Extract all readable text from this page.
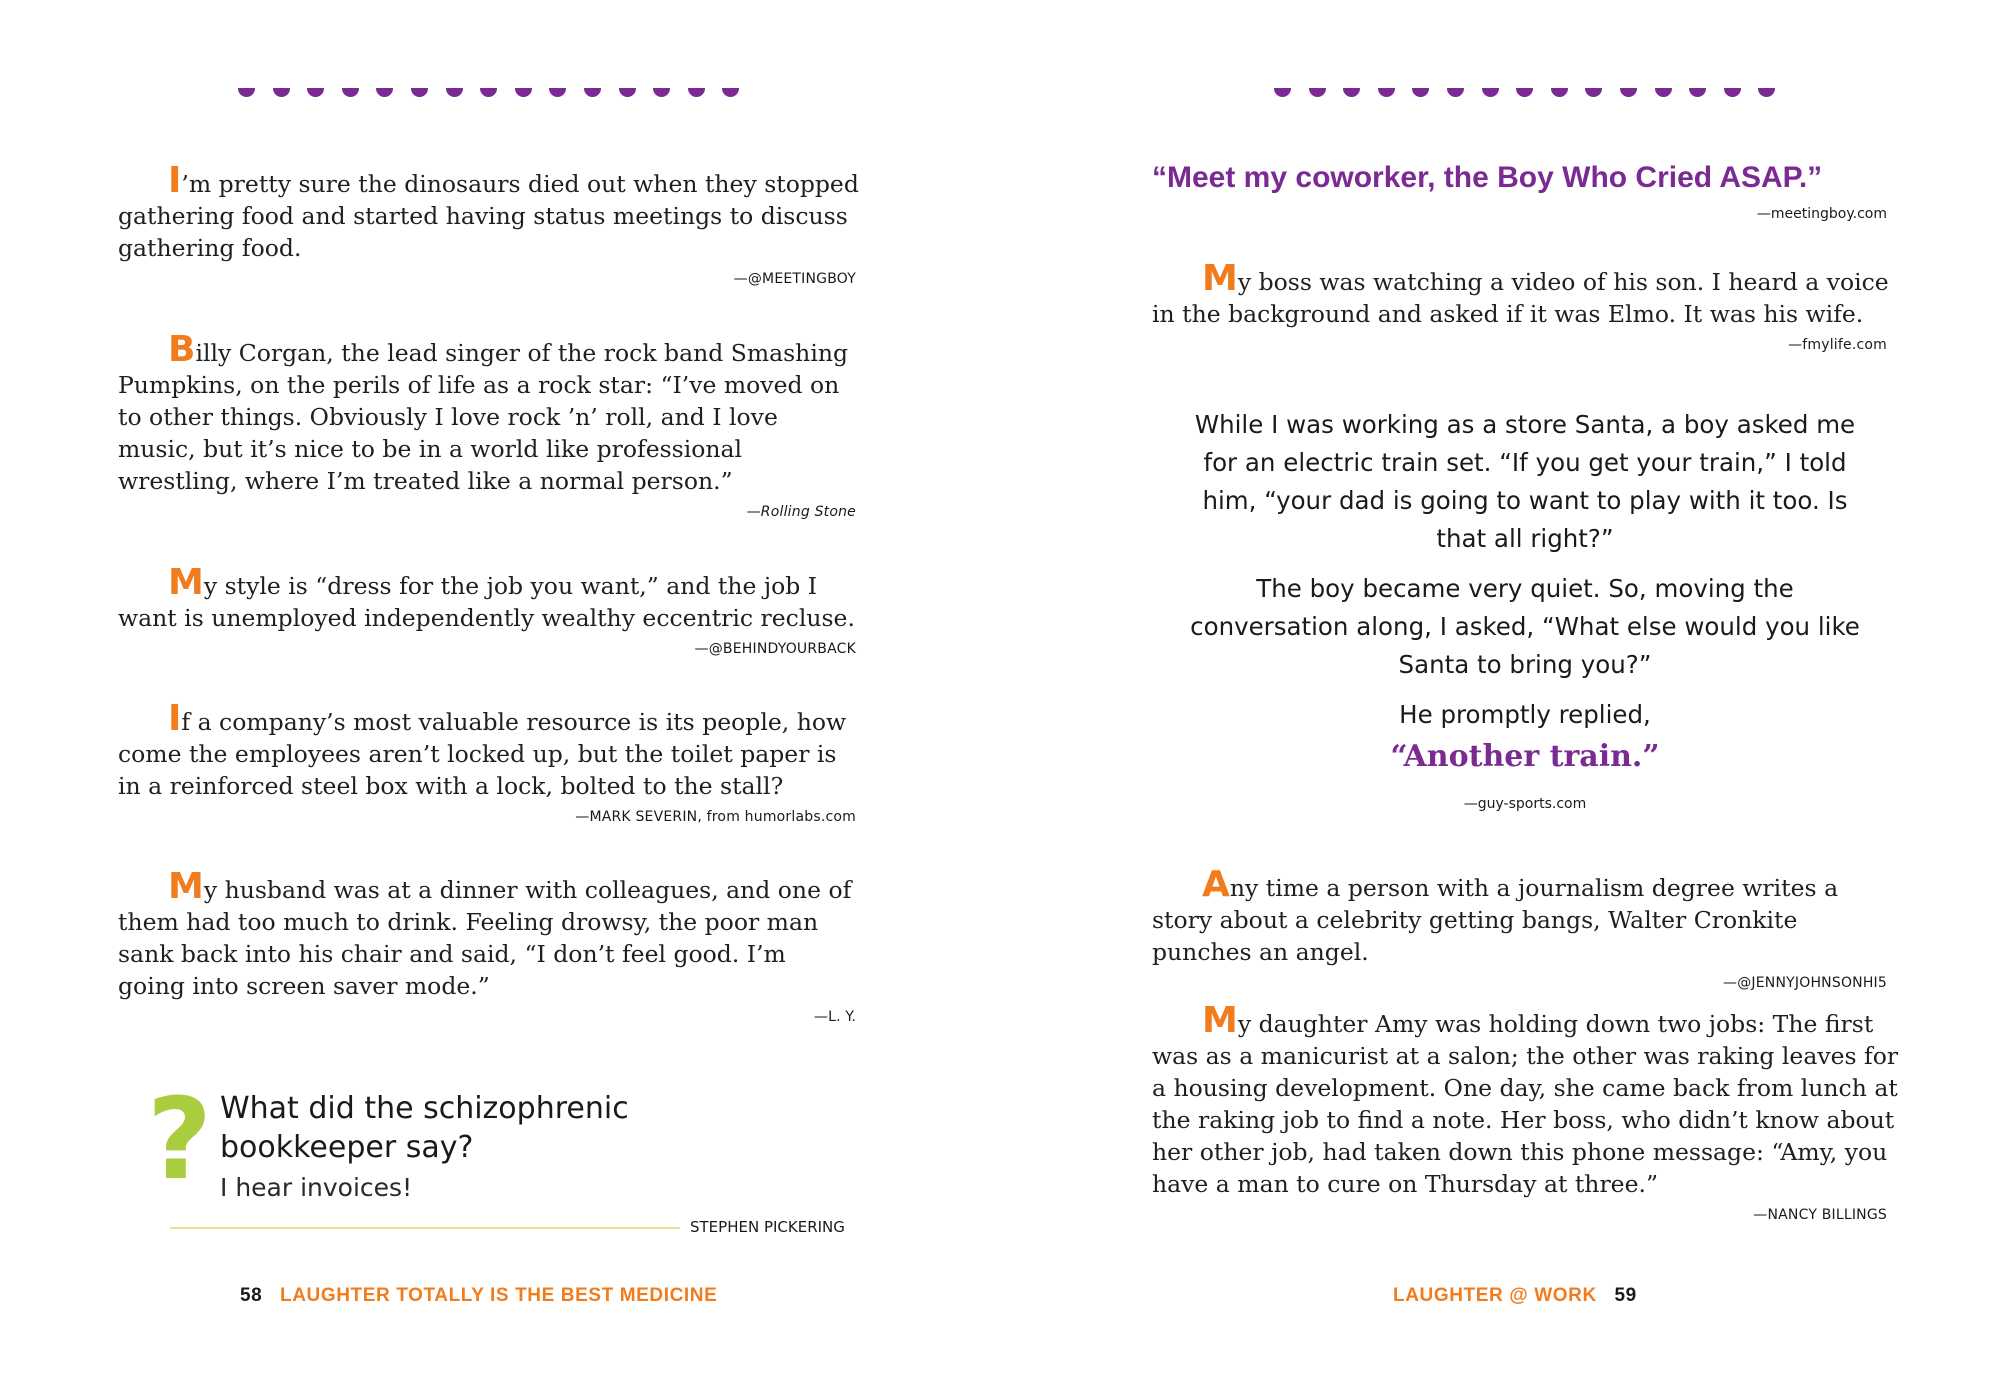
I’m pretty sure the dinosaurs died out when they stopped gathering food and started having status meetings to discuss gathering food.

—@MEETINGBOY

Billy Corgan, the lead singer of the rock band Smashing Pumpkins, on the perils of life as a rock star: “I’ve moved on to other things. Obviously I love rock ’n’ roll, and I love music, but it’s nice to be in a world like professional wrestling, where I’m treated like a normal person.”

—Rolling Stone

My style is “dress for the job you want,” and the job I want is unemployed independently wealthy eccentric recluse.

—@BEHINDYOURBACK

If a company’s most valuable resource is its people, how come the employees aren’t locked up, but the toilet paper is in a reinforced steel box with a lock, bolted to the stall?

—MARK SEVERIN, from humorlabs.com

My husband was at a dinner with colleagues, and one of them had too much to drink. Feeling drowsy, the poor man sank back into his chair and said, “I don’t feel good. I’m going into screen saver mode.”

—L. Y.
? What did the schizophrenic bookkeeper say?
I hear invoices!
STEPHEN PICKERING
58 LAUGHTER TOTALLY IS THE BEST MEDICINE
“Meet my coworker, the Boy Who Cried ASAP.”
—meetingboy.com

My boss was watching a video of his son. I heard a voice in the background and asked if it was Elmo. It was his wife.

—fmylife.com

While I was working as a store Santa, a boy asked me for an electric train set. “If you get your train,” I told him, “your dad is going to want to play with it too. Is that all right?”

The boy became very quiet. So, moving the conversation along, I asked, “What else would you like Santa to bring you?”

He promptly replied,

“Another train.”

—guy-sports.com

Any time a person with a journalism degree writes a story about a celebrity getting bangs, Walter Cronkite punches an angel.

—@JENNYJOHNSONHI5

My daughter Amy was holding down two jobs: The first was as a manicurist at a salon; the other was raking leaves for a housing development. One day, she came back from lunch at the raking job to find a note. Her boss, who didn’t know about her other job, had taken down this phone message: “Amy, you have a man to cure on Thursday at three.”

—NANCY BILLINGS
LAUGHTER @ WORK 59
